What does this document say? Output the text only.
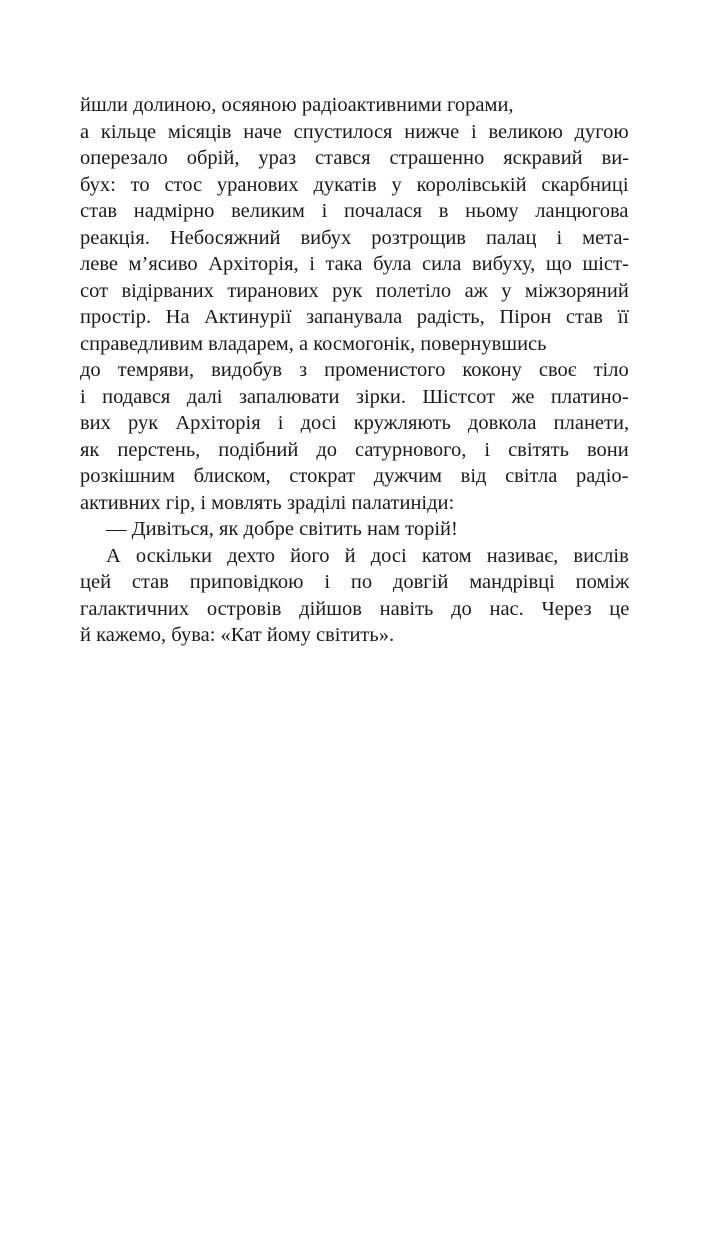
йшли долиною, осяяною радіоактивними горами,
а кільце місяців наче спустилося нижче і великою дугою
оперезало обрій, ураз стався страшенно яскравий ви-
бух: то стос уранових дукатів у королівській скарбниці
став надмірно великим і почалася в ньому ланцюгова
реакція. Небосяжний вибух розтрощив палац і мета-
леве м’ясиво Архіторія, і така була сила вибуху, що шіст-
сот відірваних тиранових рук полетіло аж у міжзоряний
простір. На Актинурії запанувала радість, Пірон став її
справедливим владарем, а космогонік, повернувшись
до темряви, видобув з променистого кокону своє тіло
і подався далі запалювати зірки. Шістсот же платино-
вих рук Архіторія і досі кружляють довкола планети,
як перстень, подібний до сатурнового, і світять вони
розкішним блиском, стократ дужчим від світла радіо-
активних гір, і мовлять зраділі палатиніди:
— Дивіться, як добре світить нам торій!
А оскільки дехто його й досі катом називає, вислів
цей став приповідкою і по довгій мандрівці поміж
галактичних островів дійшов навіть до нас. Через це
й кажемо, бува: «Кат йому світить».
